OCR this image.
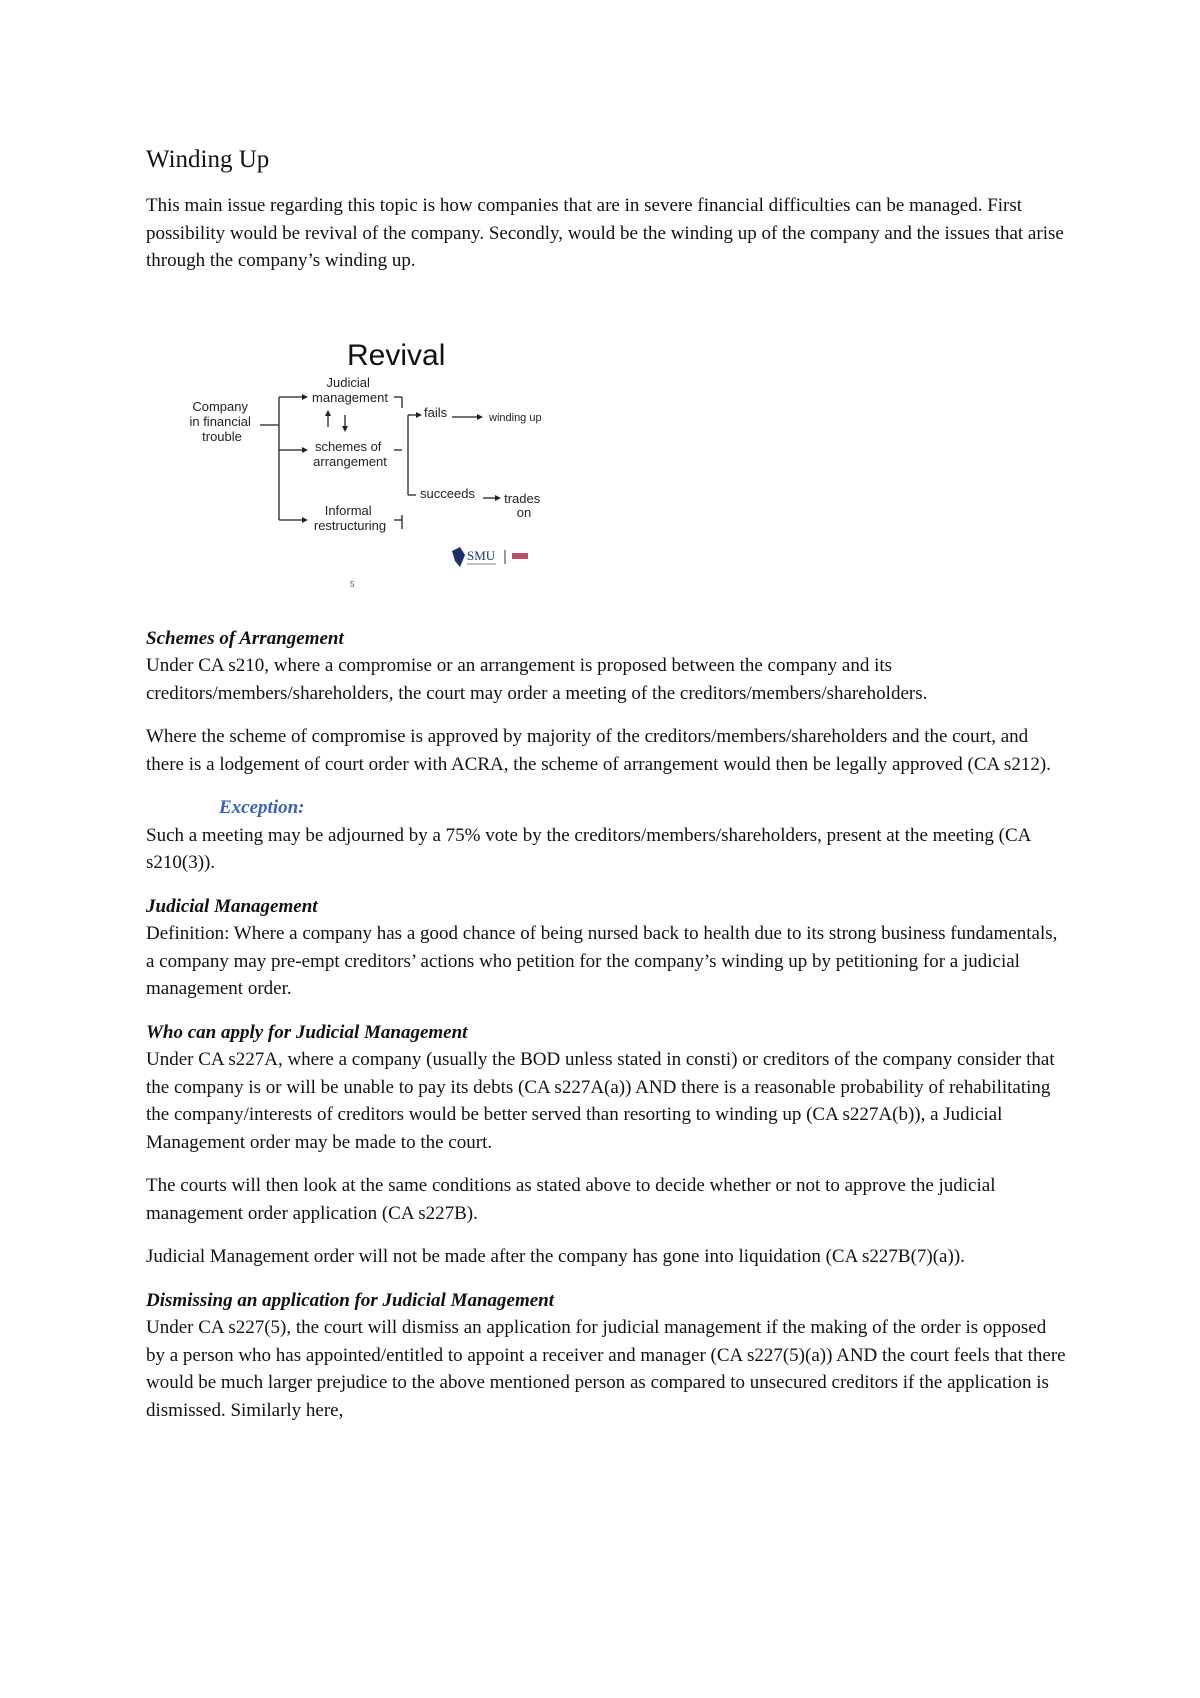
Winding Up

This main issue regarding this topic is how companies that are in severe financial difficulties can be managed. First possibility would be revival of the company. Secondly, would be the winding up of the company and the issues that arise through the company’s winding up.

Revival
Company in financial trouble
Judicial management
schemes of arrangement
Informal restructuring
fails	winding up
succeeds trades on
SMU
5
Schemes of Arrangement
Under CA s210, where a compromise or an arrangement is proposed between the company and its creditors/members/shareholders, the court may order a meeting of the creditors/members/shareholders.

Where the scheme of compromise is approved by majority of the creditors/members/shareholders and the court, and there is a lodgement of court order with ACRA, the scheme of arrangement would then be legally approved (CA s212).

Exception:
Such a meeting may be adjourned by a 75% vote by the creditors/members/shareholders, present at the meeting (CA s210(3)).
Judicial Management
Definition: Where a company has a good chance of being nursed back to health due to its strong business fundamentals, a company may pre-empt creditors’ actions who petition for the company’s winding up by petitioning for a judicial management order.
Who can apply for Judicial Management
Under CA s227A, where a company (usually the BOD unless stated in consti) or creditors of the company consider that the company is or will be unable to pay its debts (CA s227A(a)) AND there is a reasonable probability of rehabilitating the company/interests of creditors would be better served than resorting to winding up (CA s227A(b)), a Judicial Management order may be made to the court.

The courts will then look at the same conditions as stated above to decide whether or not to approve the judicial management order application (CA s227B).

Judicial Management order will not be made after the company has gone into liquidation (CA s227B(7)(a)).

Dismissing an application for Judicial Management
Under CA s227(5), the court will dismiss an application for judicial management if the making of the order is opposed by a person who has appointed/entitled to appoint a receiver and manager (CA s227(5)(a)) AND the court feels that there would be much larger prejudice to the above mentioned person as compared to unsecured creditors if the application is dismissed. Similarly here,
